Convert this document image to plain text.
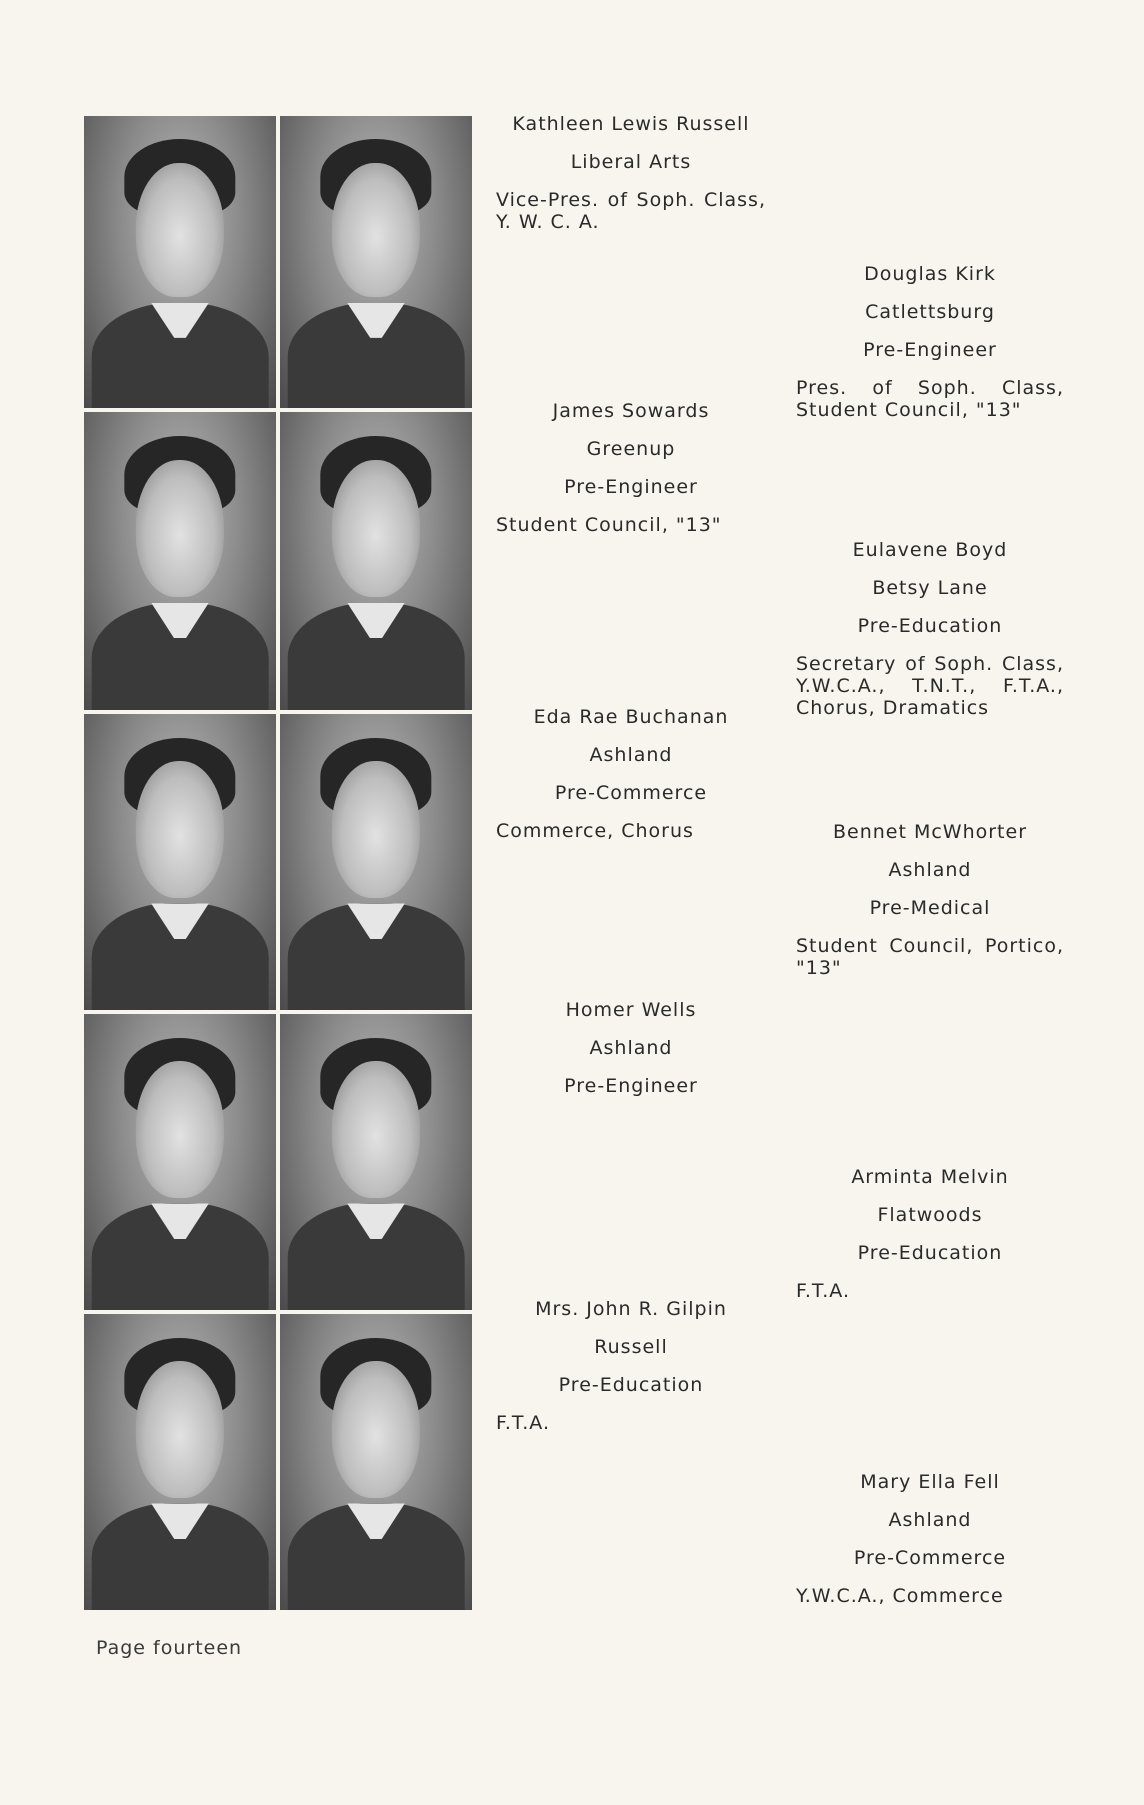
Kathleen Lewis Russell

Liberal Arts

Vice-Pres. of Soph. Class, Y. W. C. A.

Douglas Kirk

Catlettsburg

Pre-Engineer

Pres. of Soph. Class, Student Council, "13"

James Sowards

Greenup

Pre-Engineer

Student Council, "13"

Eulavene Boyd

Betsy Lane

Pre-Education

Secretary of Soph. Class, Y.W.C.A., T.N.T., F.T.A., Chorus, Dramatics

Eda Rae Buchanan

Ashland

Pre-Commerce

Commerce, Chorus	Bennet McWhorter

Ashland

Pre-Medical

Student Council, Portico, "13"

Homer Wells

Ashland

Pre-Engineer

Arminta Melvin

Flatwoods

Pre-Education

F.T.A.

Mrs. John R. Gilpin

Russell

Pre-Education

F.T.A.

Mary Ella Fell

Ashland

Pre-Commerce

Y.W.C.A., Commerce

Page fourteen
